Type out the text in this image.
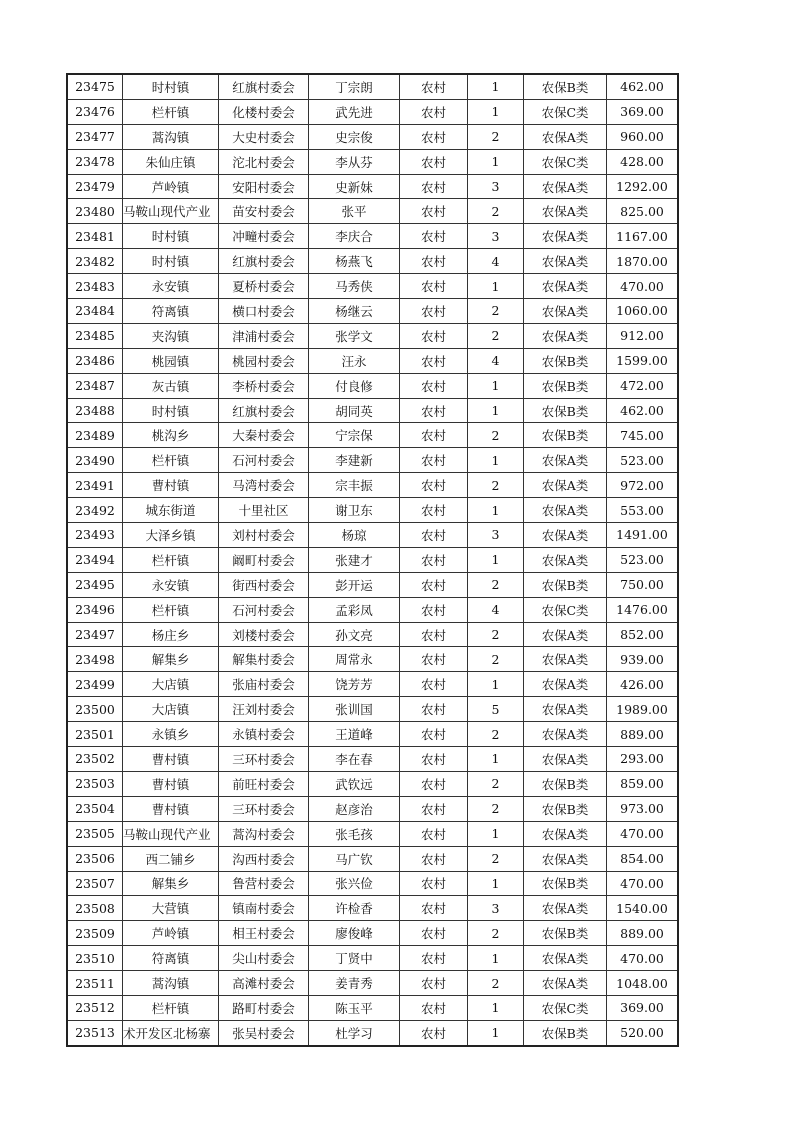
23475	时村镇	红旗村委会	丁宗朗	农村	1	农保B类	462.00
23476	栏杆镇	化楼村委会	武先进	农村	1	农保C类	369.00
23477	蒿沟镇	大史村委会	史宗俊	农村	2	农保A类	960.00
23478	朱仙庄镇	沱北村委会	李从芬	农村	1	农保C类	428.00
23479	芦岭镇	安阳村委会	史新妹	农村	3	农保A类	1292.00
23480	马鞍山现代产业	苗安村委会	张平	农村	2	农保A类	825.00
23481	时村镇	冲疃村委会	李庆合	农村	3	农保A类	1167.00
23482	时村镇	红旗村委会	杨燕飞	农村	4	农保A类	1870.00
23483	永安镇	夏桥村委会	马秀侠	农村	1	农保A类	470.00
23484	符离镇	横口村委会	杨继云	农村	2	农保A类	1060.00
23485	夹沟镇	津浦村委会	张学文	农村	2	农保A类	912.00
23486	桃园镇	桃园村委会	汪永	农村	4	农保B类	1599.00
23487	灰古镇	李桥村委会	付良修	农村	1	农保B类	472.00
23488	时村镇	红旗村委会	胡同英	农村	1	农保B类	462.00
23489	桃沟乡	大秦村委会	宁宗保	农村	2	农保B类	745.00
23490	栏杆镇	石河村委会	李建新	农村	1	农保A类	523.00
23491	曹村镇	马湾村委会	宗丰振	农村	2	农保A类	972.00
23492	城东街道	十里社区	谢卫东	农村	1	农保A类	553.00
23493	大泽乡镇	刘村村委会	杨琼	农村	3	农保A类	1491.00
23494	栏杆镇	阚町村委会	张建才	农村	1	农保A类	523.00
23495	永安镇	街西村委会	彭开运	农村	2	农保B类	750.00
23496	栏杆镇	石河村委会	孟彩凤	农村	4	农保C类	1476.00
23497	杨庄乡	刘楼村委会	孙文亮	农村	2	农保A类	852.00
23498	解集乡	解集村委会	周常永	农村	2	农保A类	939.00
23499	大店镇	张庙村委会	饶芳芳	农村	1	农保A类	426.00
23500	大店镇	汪刘村委会	张训国	农村	5	农保A类	1989.00
23501	永镇乡	永镇村委会	王道峰	农村	2	农保A类	889.00
23502	曹村镇	三环村委会	李在春	农村	1	农保A类	293.00
23503	曹村镇	前旺村委会	武钦远	农村	2	农保B类	859.00
23504	曹村镇	三环村委会	赵彦治	农村	2	农保B类	973.00
23505	马鞍山现代产业	蒿沟村委会	张毛孩	农村	1	农保A类	470.00
23506	西二铺乡	沟西村委会	马广钦	农村	2	农保A类	854.00
23507	解集乡	鲁营村委会	张兴俭	农村	1	农保B类	470.00
23508	大营镇	镇南村委会	许检香	农村	3	农保A类	1540.00
23509	芦岭镇	相王村委会	廖俊峰	农村	2	农保B类	889.00
23510	符离镇	尖山村委会	丁贤中	农村	1	农保A类	470.00
23511	蒿沟镇	高滩村委会	姜青秀	农村	2	农保A类	1048.00
23512	栏杆镇	路町村委会	陈玉平	农村	1	农保C类	369.00
23513	术开发区北杨寨	张吴村委会	杜学习	农村	1	农保B类	520.00
